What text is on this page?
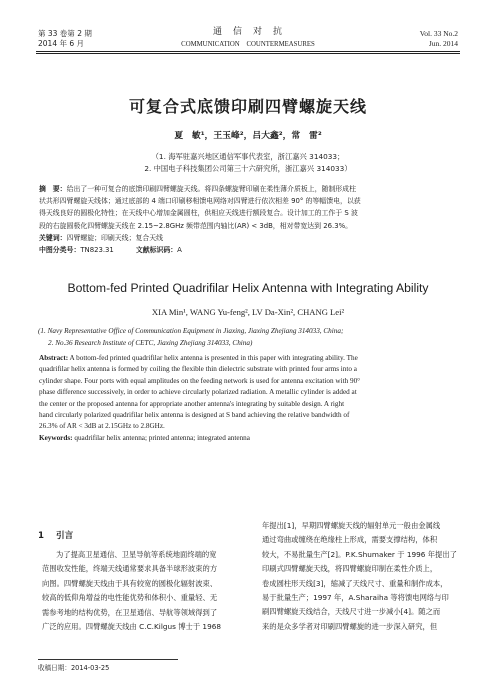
第 33 卷第 2 期
2014 年 6 月
通　信　对　抗
COMMUNICATION　COUNTERMEASURES
Vol. 33 No.2
Jun. 2014
可复合式底馈印刷四臂螺旋天线
夏　敏¹，王玉峰²，吕大鑫²，常　雷²
（1. 海军驻嘉兴地区通信军事代表室，浙江嘉兴 314033；
2. 中国电子科技集团公司第三十六研究所，浙江嘉兴 314033）
摘　要：给出了一种可复合的底馈印刷四臂螺旋天线。将四条螺旋臂印刷在柔性薄介质板上，随制形成柱
状共形四臂螺旋天线体；通过底部的 4 端口印刷移相馈电网络对四臂进行依次相差 90° 的等幅馈电，以获
得天线良好的圆极化特性；在天线中心增加金属圆柱，供相应天线进行额段复合。设计加工的工作于 S 波
段的右旋圆极化四臂螺旋天线在 2.15~2.8GHz 频带范围内轴比(AR) < 3dB，相对带宽达到 26.3%。
关键词：四臂螺旋；印刷天线；复合天线
中图分类号：TN823.31	文献标识码：A
Bottom-fed Printed Quadrifilar Helix Antenna with Integrating Ability
XIA Min¹, WANG Yu-feng², LV Da-Xin², CHANG Lei²
(1. Navy Representative Office of Communication Equipment in Jiaxing, Jiaxing Zhejiang 314033, China;
2. No.36 Research Institute of CETC, Jiaxing Zhejiang 314033, China)
Abstract: A bottom-fed printed quadrifilar helix antenna is presented in this paper with integrating ability. The
quadrifilar helix antenna is formed by coiling the flexible thin dielectric substrate with printed four arms into a
cylinder shape. Four ports with equal amplitudes on the feeding network is used for antenna excitation with 90°
phase difference successively, in order to achieve circularly polarized radiation. A metallic cylinder is added at
the center or the proposed antenna for appropriate another antenna's integrating by suitable design. A right
hand circularly polarized quadrifilar helix antenna is designed at S band achieving the relative bandwidth of
26.3% of AR < 3dB at 2.15GHz to 2.8GHz.
Keywords: quadrifilar helix antenna; printed antenna; integrated antenna
1 引言
为了提高卫星通信、卫星导航等系统地面终端的宽
范围收发性能，终端天线通常要求具备半球形波束的方
向图。四臂螺旋天线由于具有较宽的圆极化辐射波束、
较高的低仰角增益的电性能优势和体积小、重量轻、无
需参考地的结构优势，在卫星通信、导航等领域得到了
广泛的应用。四臂螺旋天线由 C.C.Kilgus 博士于 1968
年提出[1]，早期四臂螺旋天线的辐射单元一般由金属线
通过弯曲或缠绕在绝缘柱上形成，需要支撑结构，体积
较大，不易批量生产[2]。P.K.Shumaker 于 1996 年提出了
印刷式四臂螺旋天线，将四臂螺旋印制在柔性介质上，
卷成圆柱形天线[3]，缩减了天线尺寸、重量和制作成本，
易于批量生产；1997 年，A.Sharaiha 等将馈电网络与印
刷四臂螺旋天线结合，天线尺寸进一步减小[4]。随之而
来的是众多学者对印刷四臂螺旋的进一步深入研究，但
收稿日期：2014-03-25
